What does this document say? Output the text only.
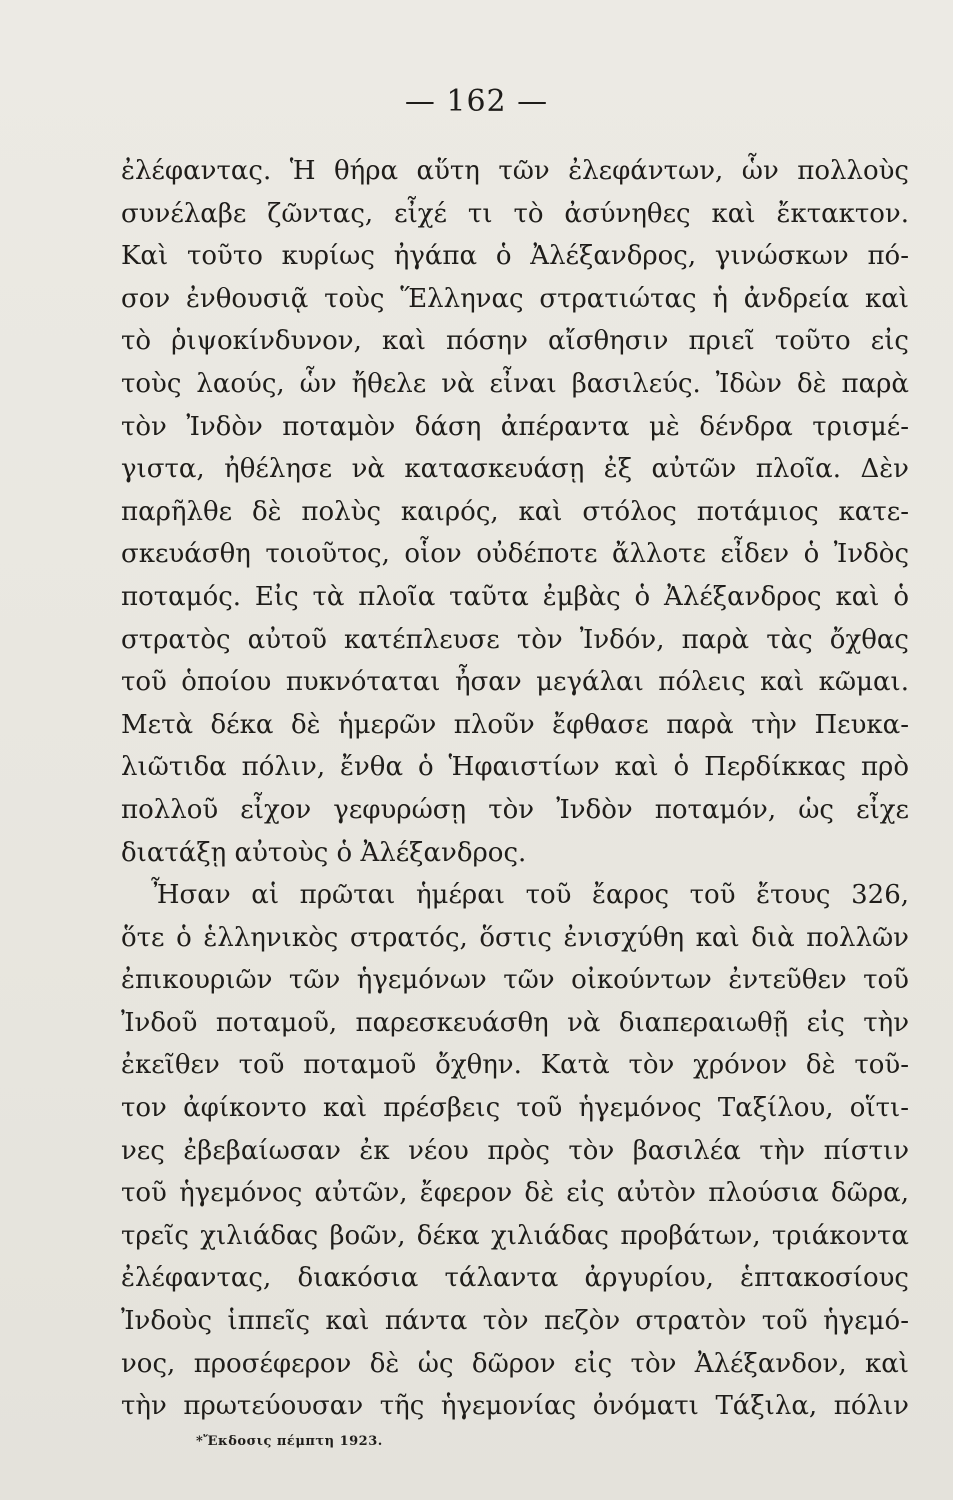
— 162 —
ἐλέφαντας. Ἡ θήρα αὕτη τῶν ἐλεφάντων, ὧν πολλοὺς
συνέλαβε ζῶντας, εἶχέ τι τὸ ἀσύνηθες καὶ ἔκτακτον.
Καὶ τοῦτο κυρίως ἠγάπα ὁ Ἀλέξανδρος, γινώσκων πό-
σον ἐνθουσιᾷ τοὺς Ἕλληνας στρατιώτας ἡ ἀνδρεία καὶ
τὸ ῥιψοκίνδυνον, καὶ πόσην αἴσθησιν πριεῖ τοῦτο εἰς
τοὺς λαούς, ὧν ἤθελε νὰ εἶναι βασιλεύς. Ἰδὼν δὲ παρὰ
τὸν Ἰνδὸν ποταμὸν δάση ἀπέραντα μὲ δένδρα τρισμέ-
γιστα, ἠθέλησε νὰ κατασκευάσῃ ἐξ αὐτῶν πλοῖα. Δὲν
παρῆλθε δὲ πολὺς καιρός, καὶ στόλος ποτάμιος κατε-
σκευάσθη τοιοῦτος, οἷον οὐδέποτε ἄλλοτε εἶδεν ὁ Ἰνδὸς
ποταμός. Εἰς τὰ πλοῖα ταῦτα ἐμβὰς ὁ Ἀλέξανδρος καὶ ὁ
στρατὸς αὐτοῦ κατέπλευσε τὸν Ἰνδόν, παρὰ τὰς ὄχθας
τοῦ ὁποίου πυκνόταται ἦσαν μεγάλαι πόλεις καὶ κῶμαι.
Μετὰ δέκα δὲ ἡμερῶν πλοῦν ἔφθασε παρὰ τὴν Πευκα-
λιῶτιδα πόλιν, ἔνθα ὁ Ἡφαιστίων καὶ ὁ Περδίκκας πρὸ
πολλοῦ εἶχον γεφυρώσῃ τὸν Ἰνδὸν ποταμόν, ὡς εἶχε
διατάξῃ αὐτοὺς ὁ Ἀλέξανδρος.
Ἦσαν αἱ πρῶται ἡμέραι τοῦ ἔαρος τοῦ ἔτους 326,
ὅτε ὁ ἑλληνικὸς στρατός, ὅστις ἐνισχύθη καὶ διὰ πολλῶν
ἐπικουριῶν τῶν ἡγεμόνων τῶν οἰκούντων ἐντεῦθεν τοῦ
Ἰνδοῦ ποταμοῦ, παρεσκευάσθη νὰ διαπεραιωθῇ εἰς τὴν
ἐκεῖθεν τοῦ ποταμοῦ ὄχθην. Κατὰ τὸν χρόνον δὲ τοῦ-
τον ἀφίκοντο καὶ πρέσβεις τοῦ ἡγεμόνος Ταξίλου, οἵτι-
νες ἐβεβαίωσαν ἐκ νέου πρὸς τὸν βασιλέα τὴν πίστιν
τοῦ ἡγεμόνος αὐτῶν, ἔφερον δὲ εἰς αὐτὸν πλούσια δῶρα,
τρεῖς χιλιάδας βοῶν, δέκα χιλιάδας προβάτων, τριάκοντα
ἐλέφαντας, διακόσια τάλαντα ἀργυρίου, ἑπτακοσίους
Ἰνδοὺς ἱππεῖς καὶ πάντα τὸν πεζὸν στρατὸν τοῦ ἡγεμό-
νος, προσέφερον δὲ ὡς δῶρον εἰς τὸν Ἀλέξανδον, καὶ
τὴν πρωτεύουσαν τῆς ἡγεμονίας ὀνόματι Τάξιλα, πόλιν
*Ἔκδοσις πέμπτη 1923.
